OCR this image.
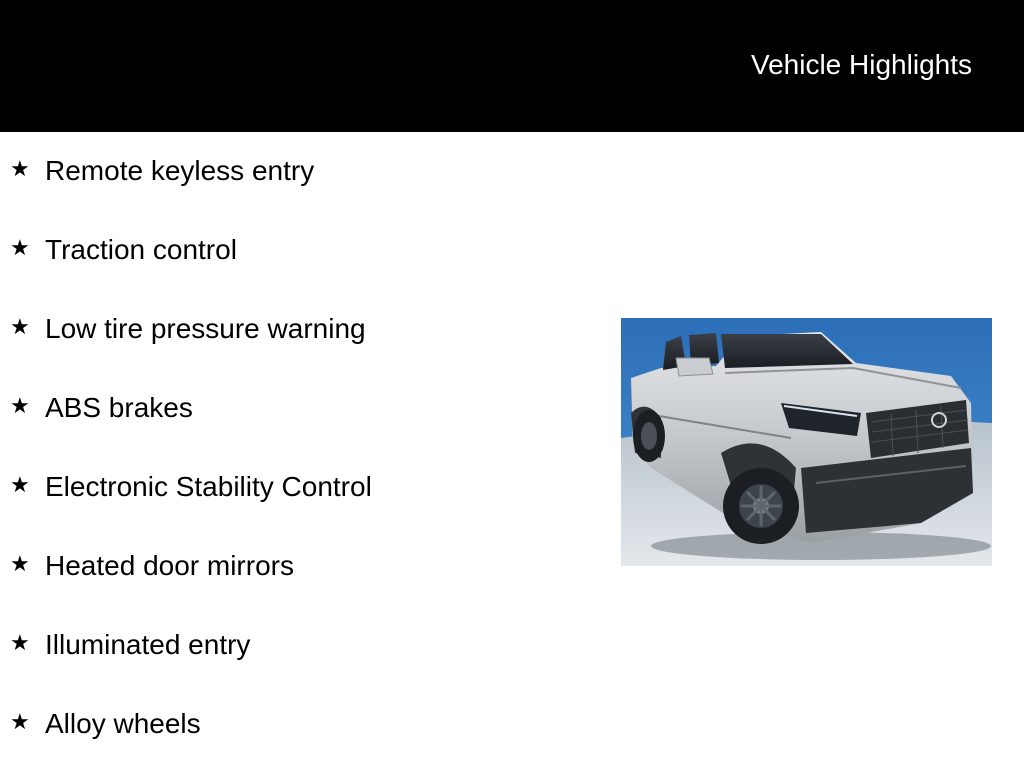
Vehicle Highlights
★ Remote keyless entry
★ Traction control
★ Low tire pressure warning
★ ABS brakes
★ Electronic Stability Control
★ Heated door mirrors
★ Illuminated entry
★ Alloy wheels
